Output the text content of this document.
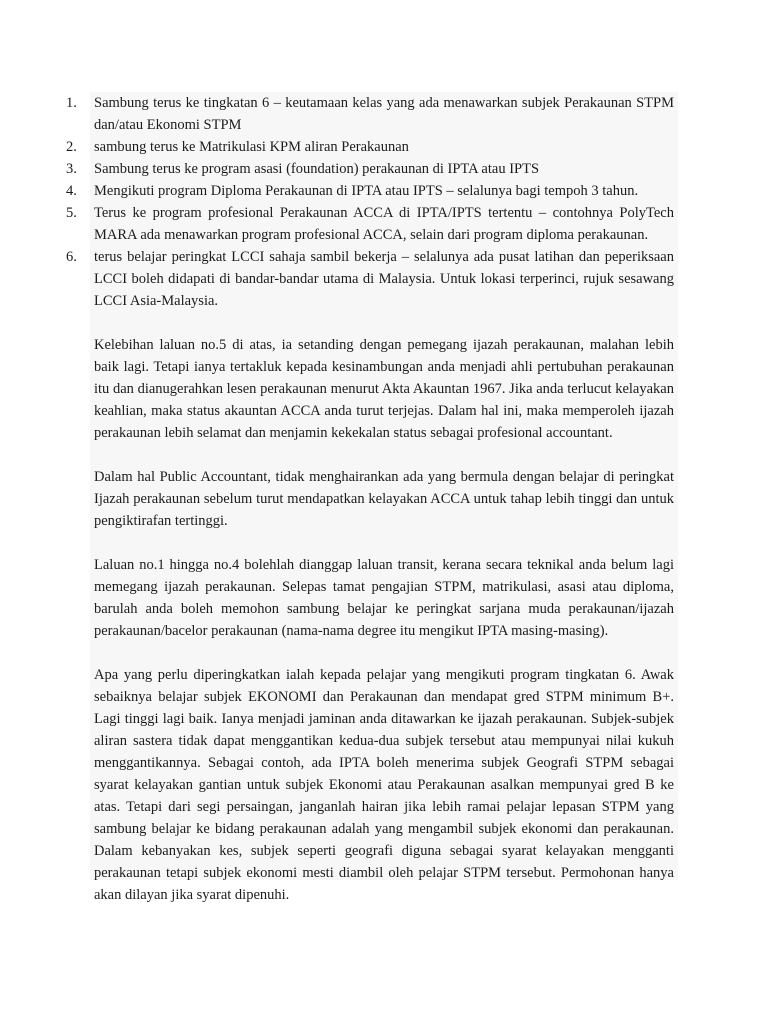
1.	Sambung terus ke tingkatan 6 – keutamaan kelas yang ada menawarkan subjek Perakaunan STPM dan/atau Ekonomi STPM
2.	sambung terus ke Matrikulasi KPM aliran Perakaunan
3.	Sambung terus ke program asasi (foundation) perakaunan di IPTA atau IPTS
4.	Mengikuti program Diploma Perakaunan di IPTA atau IPTS – selalunya bagi tempoh 3 tahun.
5.	Terus ke program profesional Perakaunan ACCA di IPTA/IPTS tertentu – contohnya PolyTech MARA ada menawarkan program profesional ACCA, selain dari program diploma perakaunan.
6.	terus belajar peringkat LCCI sahaja sambil bekerja – selalunya ada pusat latihan dan peperiksaan LCCI boleh didapati di bandar-bandar utama di Malaysia. Untuk lokasi terperinci, rujuk sesawang LCCI Asia-Malaysia.

Kelebihan laluan no.5 di atas, ia setanding dengan pemegang ijazah perakaunan, malahan lebih baik lagi. Tetapi ianya tertakluk kepada kesinambungan anda menjadi ahli pertubuhan perakaunan itu dan dianugerahkan lesen perakaunan menurut Akta Akauntan 1967. Jika anda terlucut kelayakan keahlian, maka status akauntan ACCA anda turut terjejas. Dalam hal ini, maka memperoleh ijazah perakaunan lebih selamat dan menjamin kekekalan status sebagai profesional accountant.

Dalam hal Public Accountant, tidak menghairankan ada yang bermula dengan belajar di peringkat Ijazah perakaunan sebelum turut mendapatkan kelayakan ACCA untuk tahap lebih tinggi dan untuk pengiktirafan tertinggi.

Laluan no.1 hingga no.4 bolehlah dianggap laluan transit, kerana secara teknikal anda belum lagi memegang ijazah perakaunan. Selepas tamat pengajian STPM, matrikulasi, asasi atau diploma, barulah anda boleh memohon sambung belajar ke peringkat sarjana muda perakaunan/ijazah perakaunan/bacelor perakaunan (nama-nama degree itu mengikut IPTA masing-masing).

Apa yang perlu diperingkatkan ialah kepada pelajar yang mengikuti program tingkatan 6. Awak sebaiknya belajar subjek EKONOMI dan Perakaunan dan mendapat gred STPM minimum B+. Lagi tinggi lagi baik. Ianya menjadi jaminan anda ditawarkan ke ijazah perakaunan. Subjek-subjek aliran sastera tidak dapat menggantikan kedua-dua subjek tersebut atau mempunyai nilai kukuh menggantikannya. Sebagai contoh, ada IPTA boleh menerima subjek Geografi STPM sebagai syarat kelayakan gantian untuk subjek Ekonomi atau Perakaunan asalkan mempunyai gred B ke atas. Tetapi dari segi persaingan, janganlah hairan jika lebih ramai pelajar lepasan STPM yang sambung belajar ke bidang perakaunan adalah yang mengambil subjek ekonomi dan perakaunan. Dalam kebanyakan kes, subjek seperti geografi diguna sebagai syarat kelayakan mengganti perakaunan tetapi subjek ekonomi mesti diambil oleh pelajar STPM tersebut. Permohonan hanya akan dilayan jika syarat dipenuhi.
